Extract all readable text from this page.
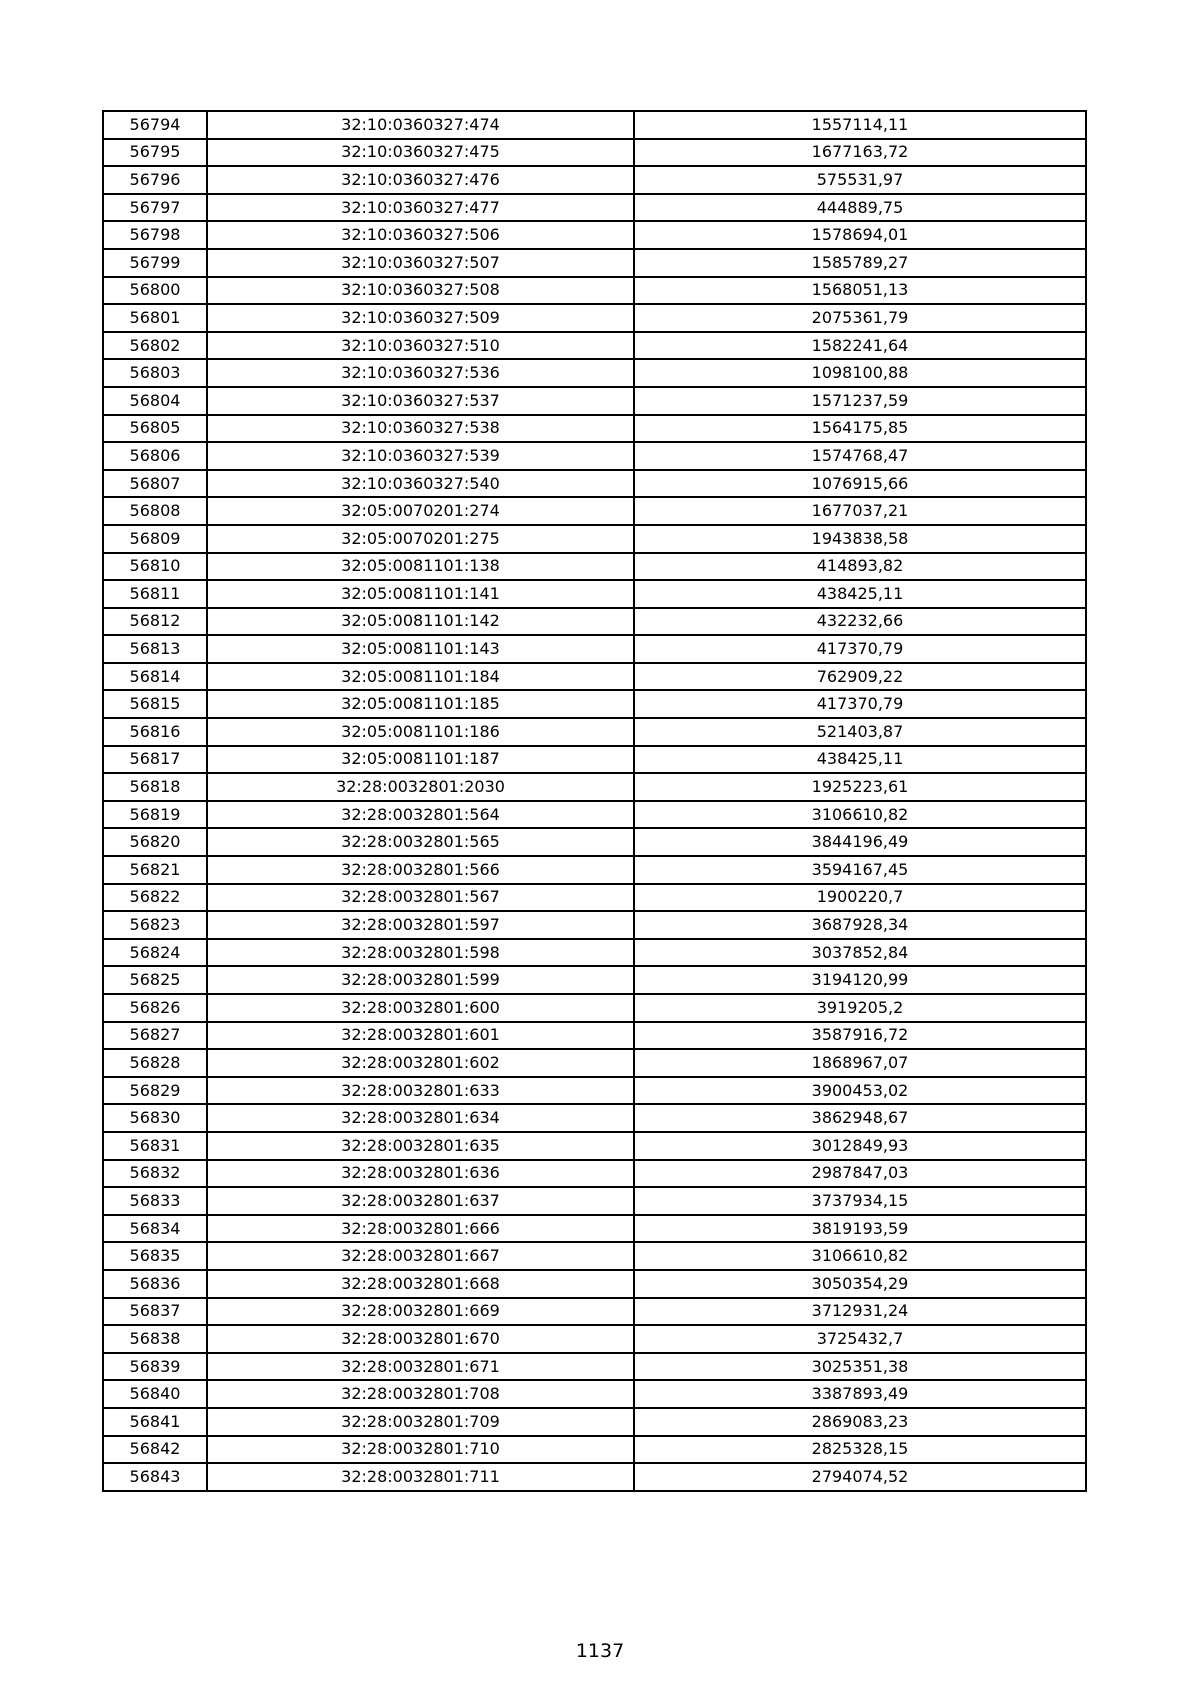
56794	32:10:0360327:474	1557114,11
56795	32:10:0360327:475	1677163,72
56796	32:10:0360327:476	575531,97
56797	32:10:0360327:477	444889,75
56798	32:10:0360327:506	1578694,01
56799	32:10:0360327:507	1585789,27
56800	32:10:0360327:508	1568051,13
56801	32:10:0360327:509	2075361,79
56802	32:10:0360327:510	1582241,64
56803	32:10:0360327:536	1098100,88
56804	32:10:0360327:537	1571237,59
56805	32:10:0360327:538	1564175,85
56806	32:10:0360327:539	1574768,47
56807	32:10:0360327:540	1076915,66
56808	32:05:0070201:274	1677037,21
56809	32:05:0070201:275	1943838,58
56810	32:05:0081101:138	414893,82
56811	32:05:0081101:141	438425,11
56812	32:05:0081101:142	432232,66
56813	32:05:0081101:143	417370,79
56814	32:05:0081101:184	762909,22
56815	32:05:0081101:185	417370,79
56816	32:05:0081101:186	521403,87
56817	32:05:0081101:187	438425,11
56818	32:28:0032801:2030	1925223,61
56819	32:28:0032801:564	3106610,82
56820	32:28:0032801:565	3844196,49
56821	32:28:0032801:566	3594167,45
56822	32:28:0032801:567	1900220,7
56823	32:28:0032801:597	3687928,34
56824	32:28:0032801:598	3037852,84
56825	32:28:0032801:599	3194120,99
56826	32:28:0032801:600	3919205,2
56827	32:28:0032801:601	3587916,72
56828	32:28:0032801:602	1868967,07
56829	32:28:0032801:633	3900453,02
56830	32:28:0032801:634	3862948,67
56831	32:28:0032801:635	3012849,93
56832	32:28:0032801:636	2987847,03
56833	32:28:0032801:637	3737934,15
56834	32:28:0032801:666	3819193,59
56835	32:28:0032801:667	3106610,82
56836	32:28:0032801:668	3050354,29
56837	32:28:0032801:669	3712931,24
56838	32:28:0032801:670	3725432,7
56839	32:28:0032801:671	3025351,38
56840	32:28:0032801:708	3387893,49
56841	32:28:0032801:709	2869083,23
56842	32:28:0032801:710	2825328,15
56843	32:28:0032801:711	2794074,52
1137
